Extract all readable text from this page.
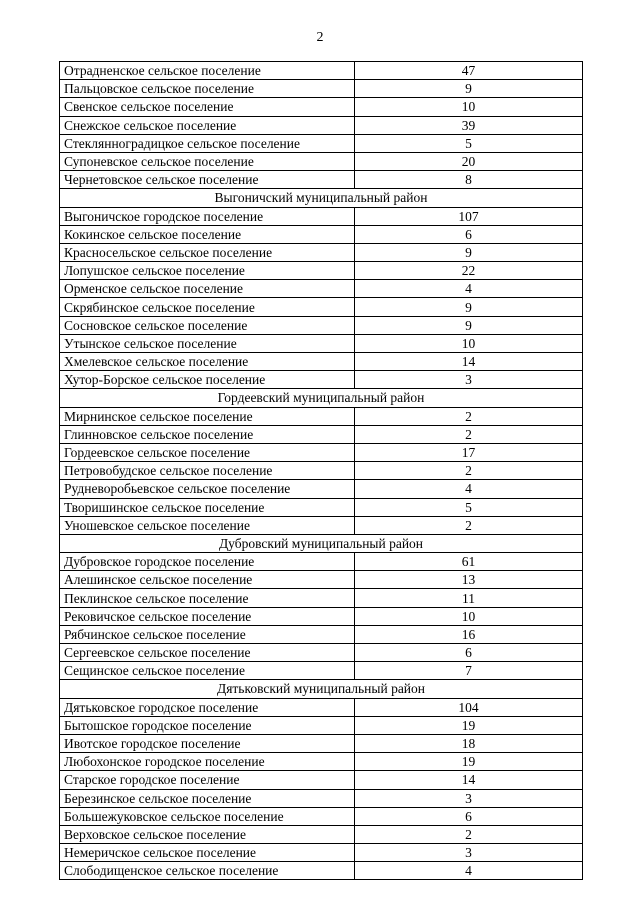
2
Отрадненское сельское поселение	47
Пальцовское сельское поселение	9
Свенское сельское поселение	10
Снежское сельское поселение	39
Стеклянноградицкое сельское поселение	5
Супоневское сельское поселение	20
Чернетовское сельское поселение	8
Выгоничский муниципальный район	
Выгоничское городское поселение	107
Кокинское сельское поселение	6
Красносельское сельское поселение	9
Лопушское сельское поселение	22
Орменское сельское поселение	4
Скрябинское сельское поселение	9
Сосновское сельское поселение	9
Утынское сельское поселение	10
Хмелевское сельское поселение	14
Хутор-Борское сельское поселение	3
Гордеевский муниципальный район	
Мирнинское сельское поселение	2
Глинновское сельское поселение	2
Гордеевское сельское поселение	17
Петровобудское сельское поселение	2
Рудневоробьевское сельское поселение	4
Творишинское сельское поселение	5
Уношевское сельское поселение	2
Дубровский муниципальный район	
Дубровское городское поселение	61
Алешинское сельское поселение	13
Пеклинское сельское поселение	11
Рековичское сельское поселение	10
Рябчинское сельское поселение	16
Сергеевское сельское поселение	6
Сещинское сельское поселение	7
Дятьковский муниципальный район	
Дятьковское городское поселение	104
Бытошское городское поселение	19
Ивотское городское поселение	18
Любохонское городское поселение	19
Старское городское поселение	14
Березинское сельское поселение	3
Большежуковское сельское поселение	6
Верховское сельское поселение	2
Немеричское сельское поселение	3
Слободищенское сельское поселение	4
